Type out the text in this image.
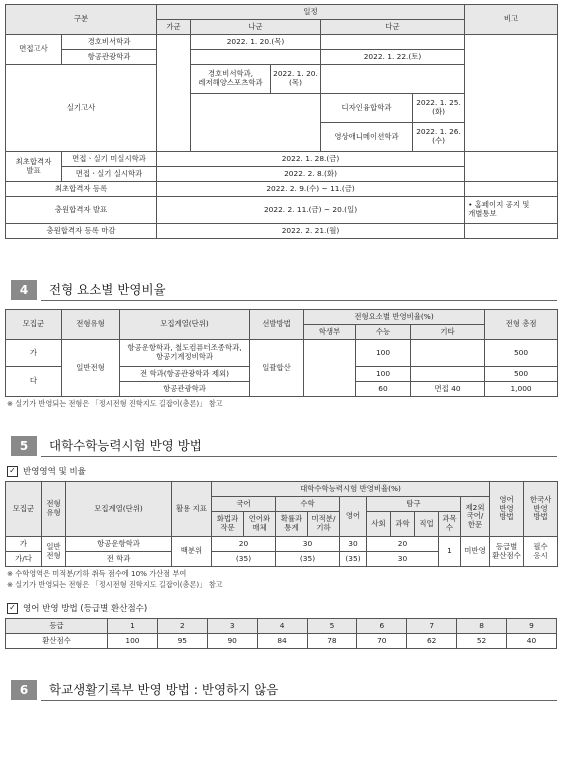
구분		일정					비고
		가군	나군		다군		
면접고사	경호비서학과		2022. 1. 20.(목)				
	항공관광학과				2022. 1. 22.(토)		
실기고사			경호비서학과, 레저해양스포츠학과	2022. 1. 20.(목)			
					디자인융합학과	2022. 1. 25.(화)	
					영상애니메이션학과	2022. 1. 26.(수)	
최초합격자 발표	면접ㆍ실기 미실시학과	2022. 1. 28.(금)					
	면접ㆍ실기 실시학과	2022. 2. 8.(화)					
최초합격자 등록		2022. 2. 9.(수) ~ 11.(금)					
충원합격자 발표		2022. 2. 11.(금) ~ 20.(일)					• 홈페이지 공지 및 개별통보
충원합격자 등록 마감		2022. 2. 21.(월)					
4	전형 요소별 반영비율
모집군	전형유형	모집계열(단위)	선발방법	전형요소별 반영비율(%)			전형 총점
				학생부	수능	기타	
가	일반전형	항공운항학과, 철도컴퓨터조종학과, 항공기계정비학과	일괄합산		100		500
다		전 학과(항공관광학과 제외)			100		500
		항공관광학과			60	면접 40	1,000
※ 실기가 반영되는 전형은 「정시전형 진학지도 길잡이(총론)」 참고
5	대학수학능력시험 반영 방법
✓ 반영영역 및 비율
모집군	전형 유형	모집계열(단위)	활용 지표	대학수학능력시험 반영비율(%)										영어 반영 방법	한국사 반영 방법
				국어		수학		영어	탐구				제2외 국어/ 한문		
				화법과 작문	언어와 매체	확률과 통계	미적분/ 기하		사회	과학	직업	과목 수			
가	일반 전형	항공운항학과	백분위	20		30		30	20			1	미반영	등급별 환산점수	필수 응시
가/다		전 학과		(35)		(35)		(35)	30						
※ 수학영역은 미적분/기하 취득 점수에 10% 가산점 부여
※ 실기가 반영되는 전형은 「정시전형 진학지도 길잡이(총론)」 참고
✓ 영어 반영 방법 (등급별 환산점수)
등급	1	2	3	4	5	6	7	8	9
환산점수	100	95	90	84	78	70	62	52	40
6	학교생활기록부 반영 방법 : 반영하지 않음
